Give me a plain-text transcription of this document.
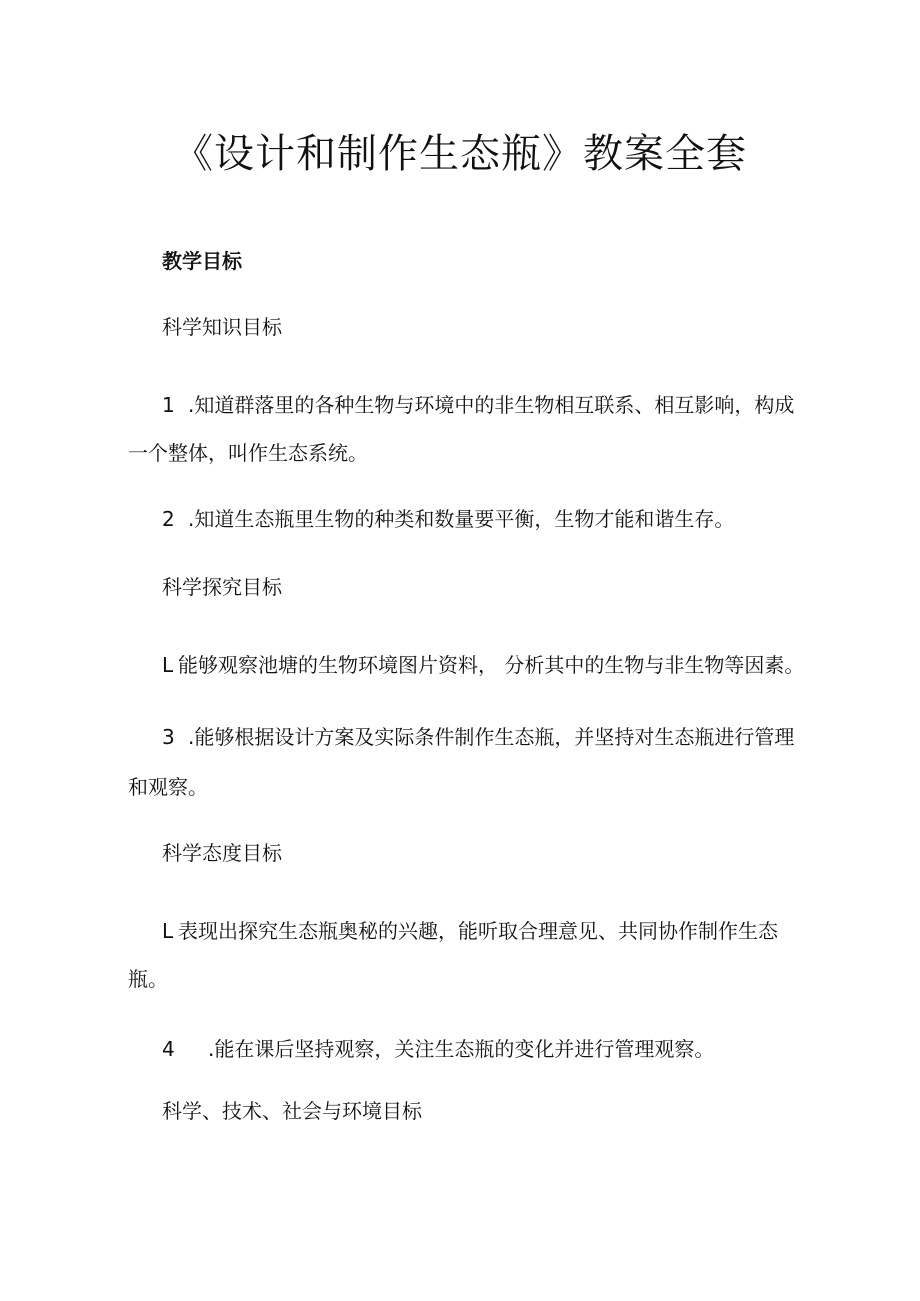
《设计和制作生态瓶》教案全套

教学目标

科学知识目标

1 .知道群落里的各种生物与环境中的非生物相互联系、相互影响，构成

一个整体，叫作生态系统。

2 .知道生态瓶里生物的种类和数量要平衡，生物才能和谐生存。

科学探究目标

L 能够观察池塘的生物环境图片资料， 分析其中的生物与非生物等因素。

3 .能够根据设计方案及实际条件制作生态瓶，并坚持对生态瓶进行管理

和观察。

科学态度目标

L 表现出探究生态瓶奥秘的兴趣，能听取合理意见、共同协作制作生态

瓶。

4 .能在课后坚持观察，关注生态瓶的变化并进行管理观察。

科学、技术、社会与环境目标
